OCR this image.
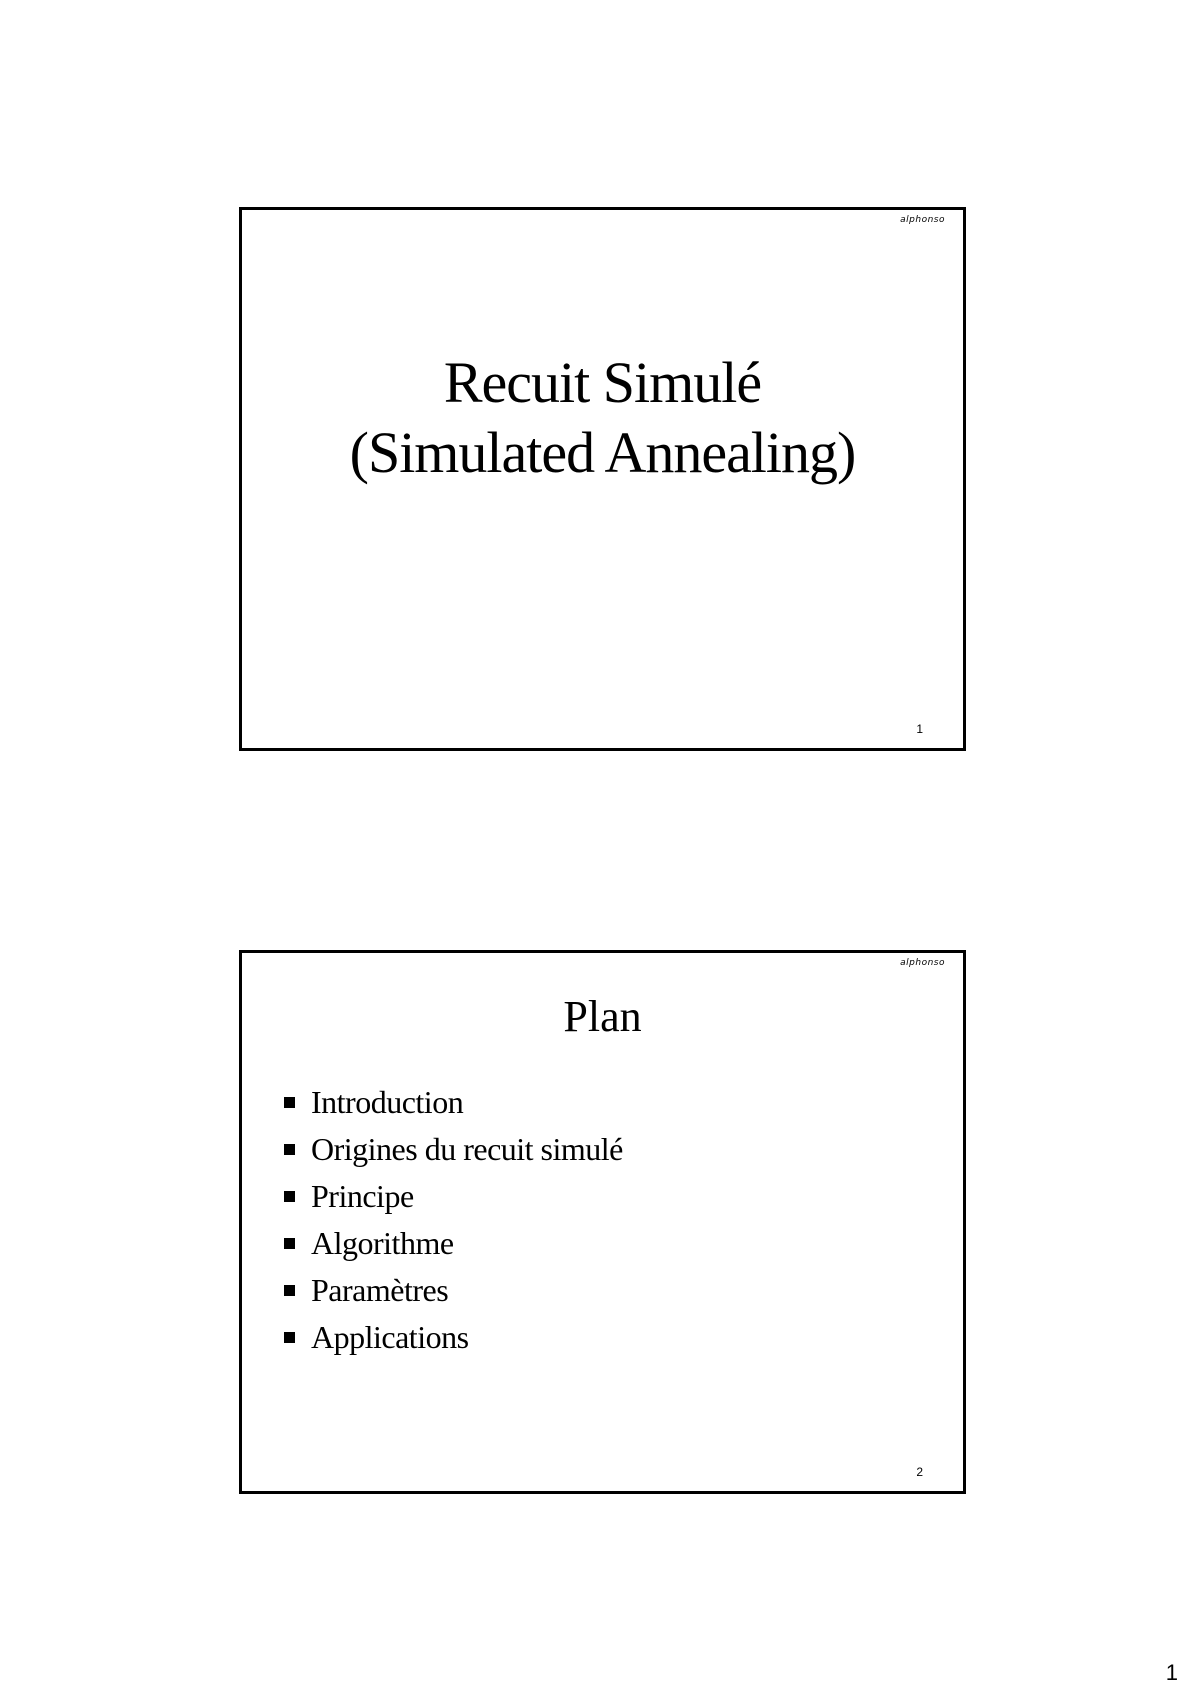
alphonso
Recuit Simulé
(Simulated Annealing)
1
alphonso
Plan
Introduction
Origines du recuit simulé
Principe
Algorithme
Paramètres
Applications
2
1
